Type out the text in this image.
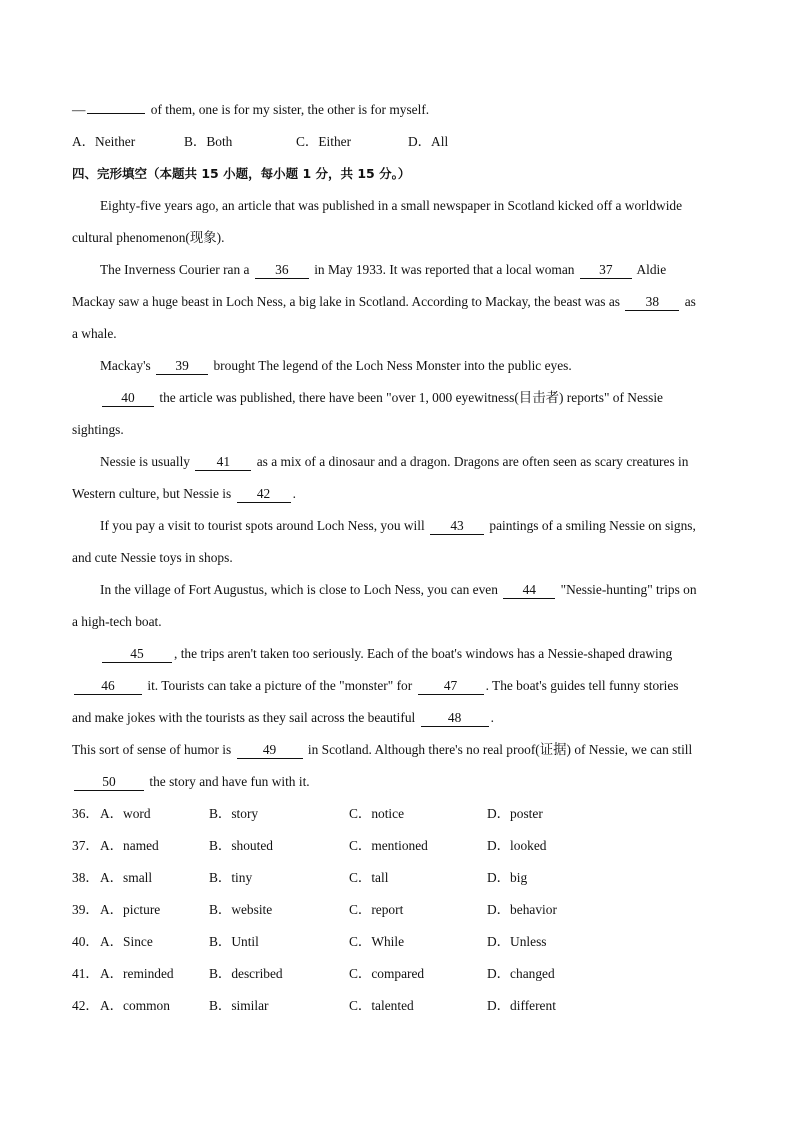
—	of them, one is for my sister, the other is for myself.
A．Neither	B．Both	C．Either	D．All
四、完形填空（本题共 15 小题，每小题 1 分，共 15 分。）
Eighty-five years ago, an article that was published in a small newspaper in Scotland kicked off a worldwide
cultural phenomenon(现象).
The Inverness Courier ran a 36 in May 1933. It was reported that a local woman 37 Aldie
Mackay saw a huge beast in Loch Ness, a big lake in Scotland. According to Mackay, the beast was as 38 as
a whale.
Mackay's 39 brought The legend of the Loch Ness Monster into the public eyes.
40 the article was published, there have been "over 1, 000 eyewitness(目击者) reports" of Nessie
sightings.
Nessie is usually 41 as a mix of a dinosaur and a dragon. Dragons are often seen as scary creatures in
Western culture, but Nessie is 42 .
If you pay a visit to tourist spots around Loch Ness, you will 43 paintings of a smiling Nessie on signs,
and cute Nessie toys in shops.
In the village of Fort Augustus, which is close to Loch Ness, you can even 44 "Nessie-hunting" trips on
a high-tech boat.
45 , the trips aren't taken too seriously. Each of the boat's windows has a Nessie-shaped drawing
46 it. Tourists can take a picture of the "monster" for 47 . The boat's guides tell funny stories
and make jokes with the tourists as they sail across the beautiful 48 .
This sort of sense of humor is 49 in Scotland. Although there's no real proof(证据) of Nessie, we can still
50	the story and have fun with it.
36． A．word	B．story	C．notice	D．poster
37． A．named	B．shouted	C．mentioned	D．looked
38． A．small	B．tiny	C．tall	D．big
39． A．picture	B．website	C．report	D．behavior
40． A．Since	B．Until	C．While	D．Unless
41． A．reminded	B．described	C．compared	D．changed
42． A．common	B．similar	C．talented	D．different
